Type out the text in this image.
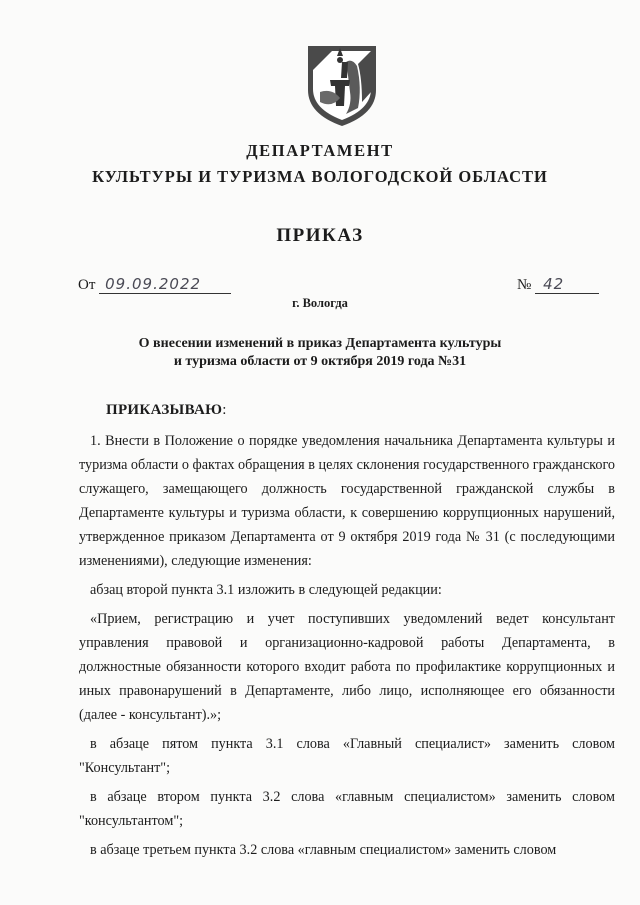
ДЕПАРТАМЕНТ
КУЛЬТУРЫ И ТУРИЗМА ВОЛОГОДСКОЙ ОБЛАСТИ
ПРИКАЗ
От 09.09.2022	№ 42
г. Вологда
О внесении изменений в приказ Департамента культуры
и туризма области от 9 октября 2019 года №31
ПРИКАЗЫВАЮ:

1. Внести в Положение о порядке уведомления начальника Департамента культуры и туризма области о фактах обращения в целях склонения государственного гражданского служащего, замещающего должность государственной гражданской службы в Департаменте культуры и туризма области, к совершению коррупционных нарушений, утвержденное приказом Департамента от 9 октября 2019 года № 31 (с последующими изменениями), следующие изменения:

абзац второй пункта 3.1 изложить в следующей редакции:

«Прием, регистрацию и учет поступивших уведомлений ведет консультант управления правовой и организационно-кадровой работы Департамента, в должностные обязанности которого входит работа по профилактике коррупционных и иных правонарушений в Департаменте, либо лицо, исполняющее его обязанности (далее - консультант).»;

в абзаце пятом пункта 3.1 слова «Главный специалист» заменить словом "Консультант";

в абзаце втором пункта 3.2 слова «главным специалистом» заменить словом "консультантом";

в абзаце третьем пункта 3.2 слова «главным специалистом» заменить словом
